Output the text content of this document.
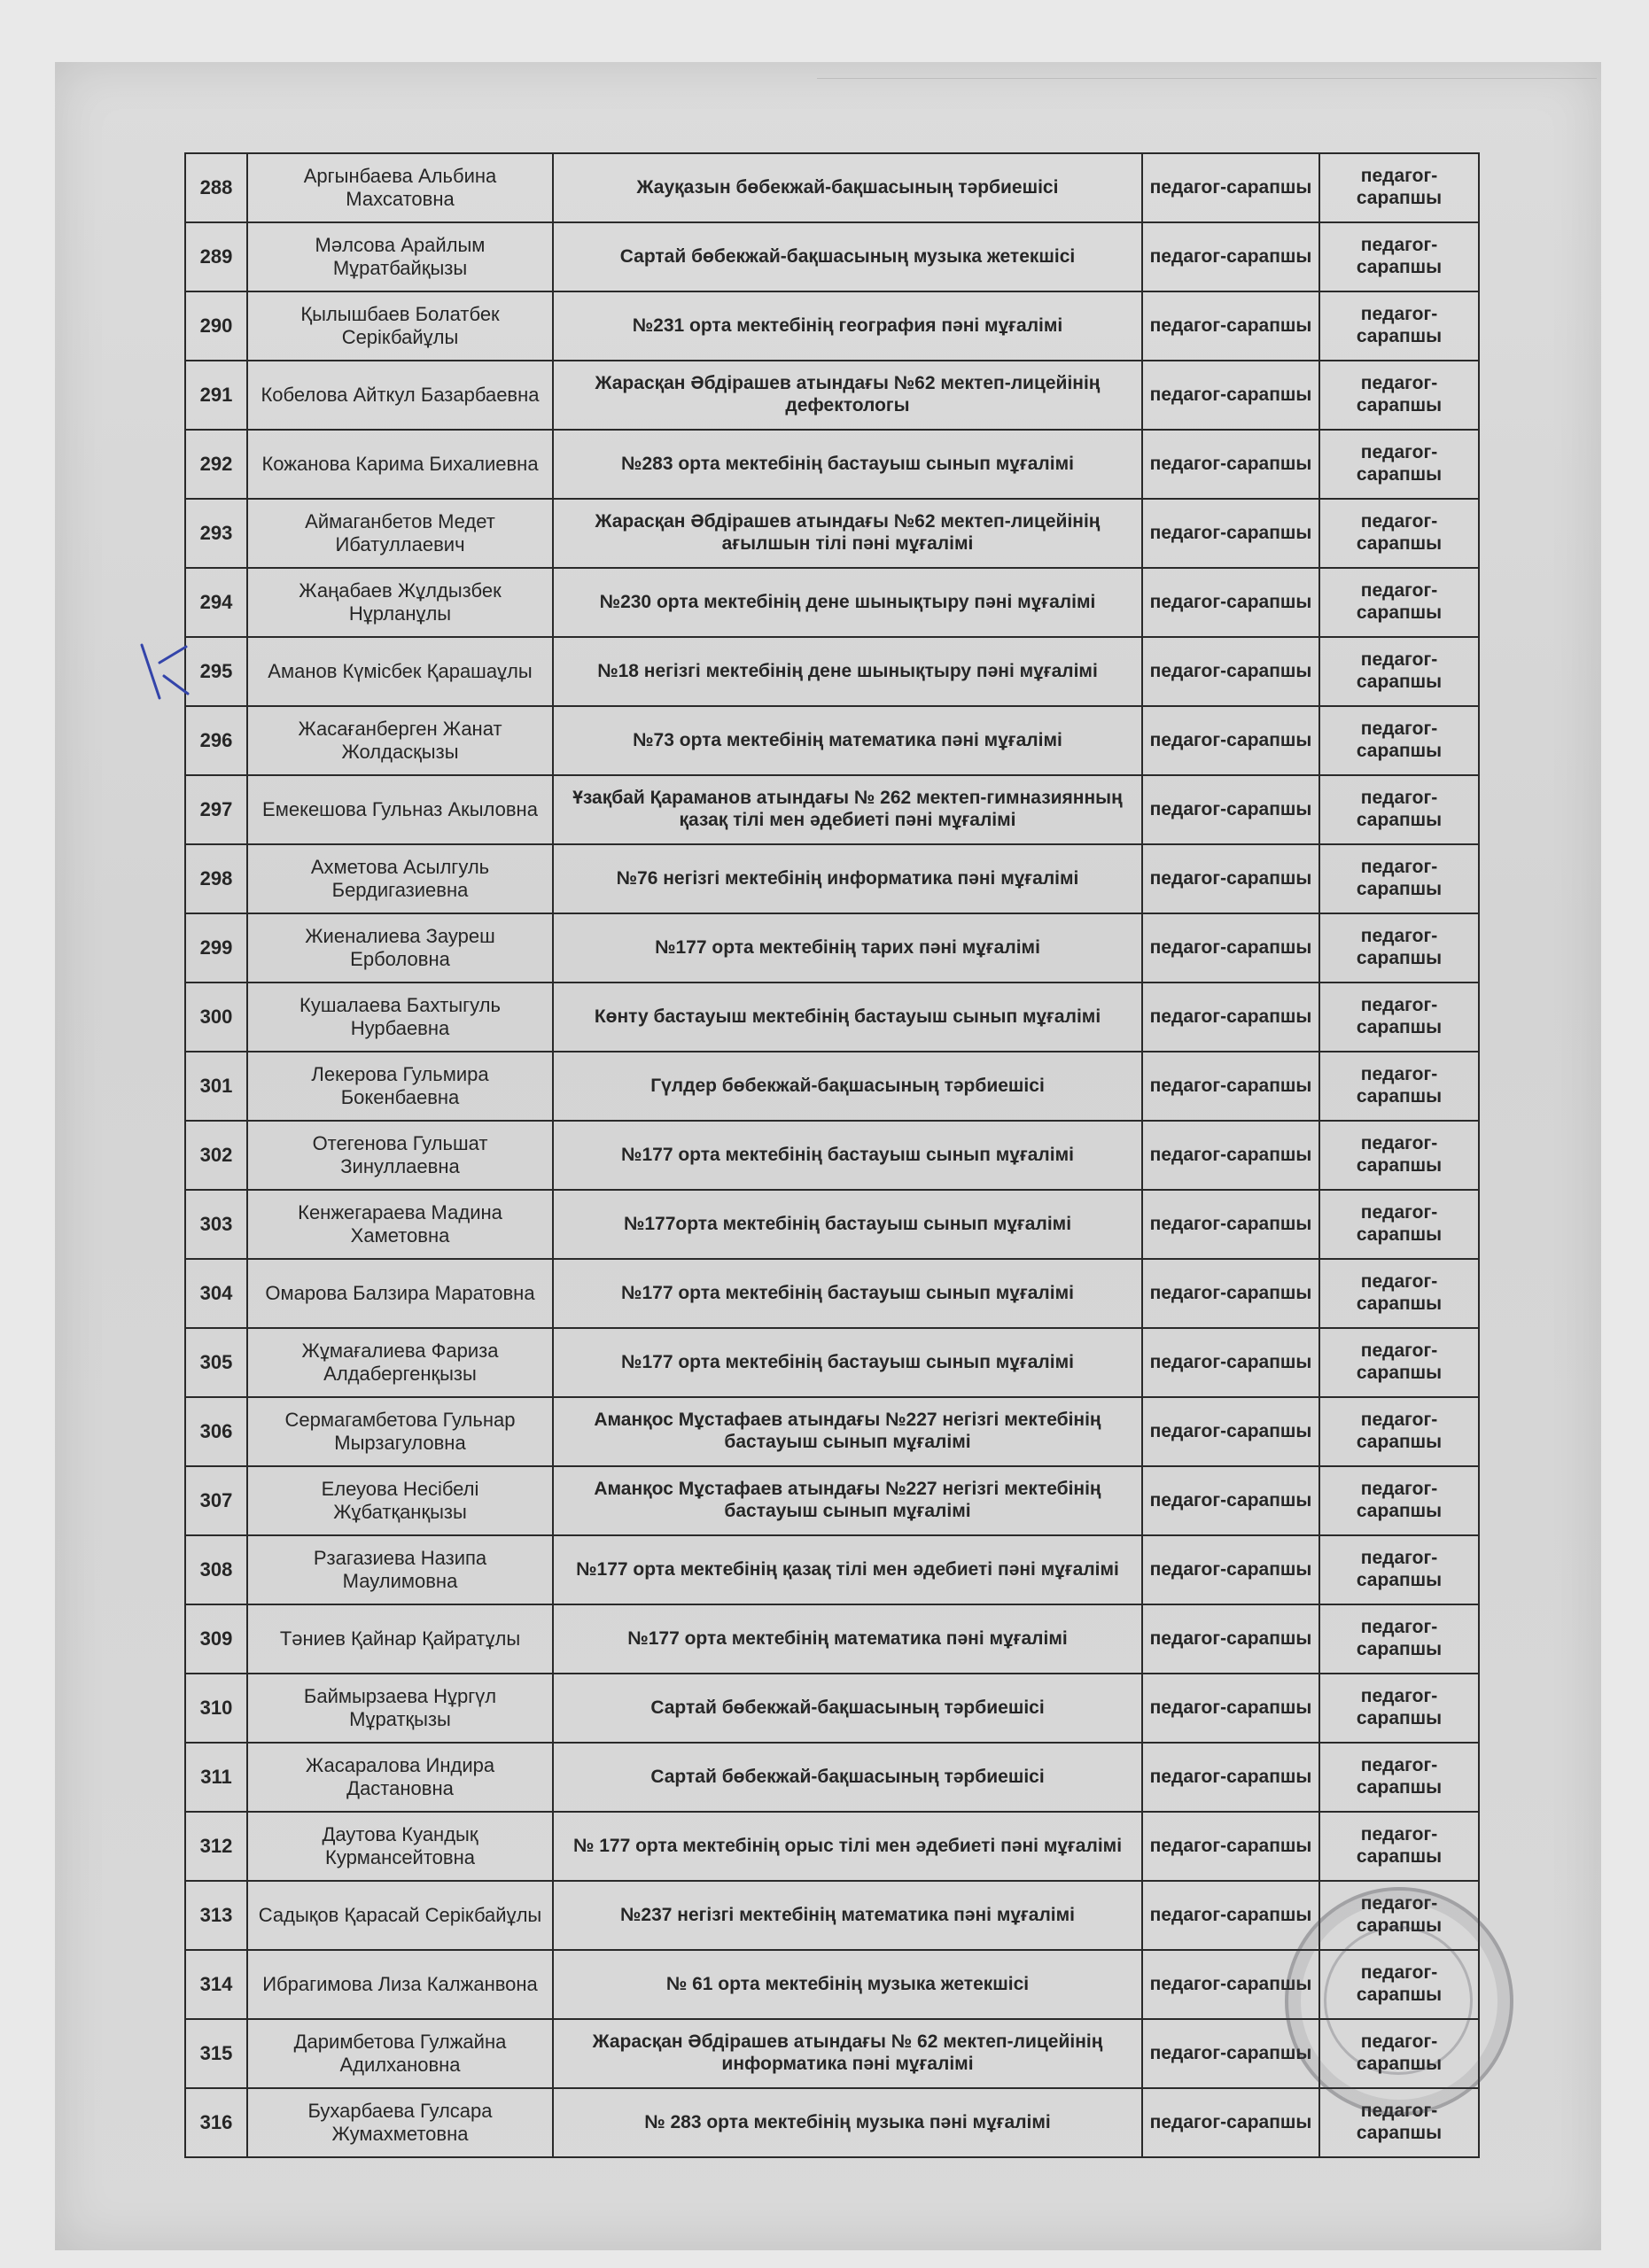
288	Аргынбаева Альбина Махсатовна	Жауқазын бөбекжай-бақшасының тәрбиешісі	педагог-сарапшы	педагог-сарапшы
289	Мәлсова Арайлым Мұратбайқызы	Сартай бөбекжай-бақшасының музыка жетекшісі	педагог-сарапшы	педагог-сарапшы
290	Қылышбаев Болатбек Серікбайұлы	№231 орта мектебінің география пәні мұғалімі	педагог-сарапшы	педагог-сарапшы
291	Кобелова Айткул Базарбаевна	Жарасқан Әбдірашев атындағы №62 мектеп-лицейінің дефектологы	педагог-сарапшы	педагог-сарапшы
292	Кожанова Карима Бихалиевна	№283 орта мектебінің бастауыш сынып мұғалімі	педагог-сарапшы	педагог-сарапшы
293	Аймаганбетов Медет Ибатуллаевич	Жарасқан Әбдірашев атындағы №62 мектеп-лицейінің ағылшын тілі пәні мұғалімі	педагог-сарапшы	педагог-сарапшы
294	Жаңабаев Жұлдызбек Нұрланұлы	№230 орта мектебінің дене шынықтыру пәні мұғалімі	педагог-сарапшы	педагог-сарапшы
295	Аманов Күмісбек Қарашаұлы	№18 негізгі мектебінің дене шынықтыру пәні мұғалімі	педагог-сарапшы	педагог-сарапшы
296	Жасағанберген Жанат Жолдасқызы	№73 орта мектебінің математика пәні мұғалімі	педагог-сарапшы	педагог-сарапшы
297	Емекешова Гульназ Акыловна	Ұзақбай Қараманов атындағы № 262 мектеп-гимназиянның қазақ тілі мен әдебиеті пәні мұғалімі	педагог-сарапшы	педагог-сарапшы
298	Ахметова Асылгуль Бердигазиевна	№76 негізгі мектебінің информатика пәні мұғалімі	педагог-сарапшы	педагог-сарапшы
299	Жиеналиева Зауреш Ерболовна	№177 орта мектебінің тарих пәні мұғалімі	педагог-сарапшы	педагог-сарапшы
300	Кушалаева Бахтыгуль Нурбаевна	Көнту бастауыш мектебінің бастауыш сынып мұғалімі	педагог-сарапшы	педагог-сарапшы
301	Лекерова Гульмира Бокенбаевна	Гүлдер бөбекжай-бақшасының тәрбиешісі	педагог-сарапшы	педагог-сарапшы
302	Отегенова Гульшат Зинуллаевна	№177 орта мектебінің бастауыш сынып мұғалімі	педагог-сарапшы	педагог-сарапшы
303	Кенжегараева Мадина Хаметовна	№177орта мектебінің бастауыш сынып мұғалімі	педагог-сарапшы	педагог-сарапшы
304	Омарова Балзира Маратовна	№177 орта мектебінің бастауыш сынып мұғалімі	педагог-сарапшы	педагог-сарапшы
305	Жұмағалиева Фариза Алдабергенқызы	№177 орта мектебінің бастауыш сынып мұғалімі	педагог-сарапшы	педагог-сарапшы
306	Сермагамбетова Гульнар Мырзагуловна	Аманқос Мұстафаев атындағы №227 негізгі мектебінің бастауыш сынып мұғалімі	педагог-сарапшы	педагог-сарапшы
307	Елеуова Несібелі Жұбатқанқызы	Аманқос Мұстафаев атындағы №227 негізгі мектебінің бастауыш сынып мұғалімі	педагог-сарапшы	педагог-сарапшы
308	Рзагазиева Назипа Маулимовна	№177 орта мектебінің қазақ тілі мен әдебиеті пәні мұғалімі	педагог-сарапшы	педагог-сарапшы
309	Тәниев Қайнар Қайратұлы	№177 орта мектебінің математика пәні мұғалімі	педагог-сарапшы	педагог-сарапшы
310	Баймырзаева Нұргүл Мұратқызы	Сартай бөбекжай-бақшасының тәрбиешісі	педагог-сарапшы	педагог-сарапшы
311	Жасаралова Индира Дастановна	Сартай бөбекжай-бақшасының тәрбиешісі	педагог-сарапшы	педагог-сарапшы
312	Даутова Куандық Курмансейтовна	№ 177 орта мектебінің орыс тілі мен әдебиеті пәні мұғалімі	педагог-сарапшы	педагог-сарапшы
313	Садықов Қарасай Серікбайұлы	№237 негізгі мектебінің математика пәні мұғалімі	педагог-сарапшы	педагог-сарапшы
314	Ибрагимова Лиза Калжанвона	№ 61 орта мектебінің музыка жетекшісі	педагог-сарапшы	педагог-сарапшы
315	Даримбетова Гулжайна Адилхановна	Жарасқан Әбдірашев атындағы № 62 мектеп-лицейінің информатика пәні мұғалімі	педагог-сарапшы	педагог-сарапшы
316	Бухарбаева Гулсара Жумахметовна	№ 283 орта мектебінің музыка пәні мұғалімі	педагог-сарапшы	педагог-сарапшы
